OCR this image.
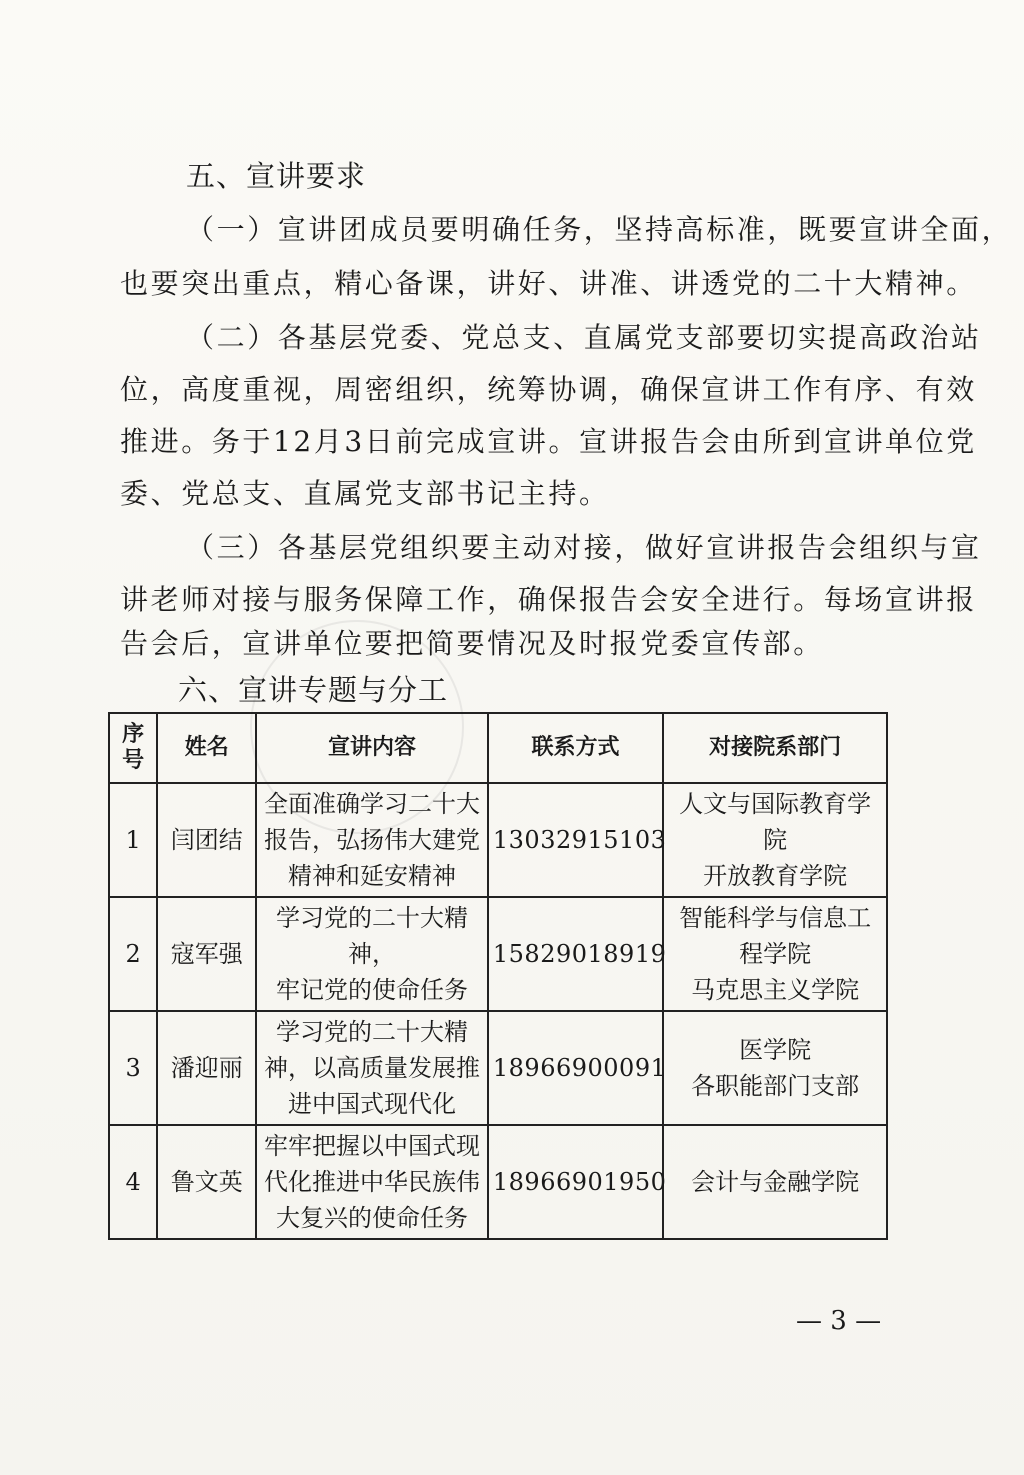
五、宣讲要求
（一）宣讲团成员要明确任务，坚持高标准，既要宣讲全面，
也要突出重点，精心备课，讲好、讲准、讲透党的二十大精神。
（二）各基层党委、党总支、直属党支部要切实提高政治站
位，高度重视，周密组织，统筹协调，确保宣讲工作有序、有效
推进。务于12月3日前完成宣讲。宣讲报告会由所到宣讲单位党
委、党总支、直属党支部书记主持。
（三）各基层党组织要主动对接，做好宣讲报告会组织与宣
讲老师对接与服务保障工作，确保报告会安全进行。每场宣讲报
告会后，宣讲单位要把简要情况及时报党委宣传部。
六、宣讲专题与分工
序号	姓名	宣讲内容	联系方式	对接院系部门
1	闫团结	全面准确学习二十大
报告，弘扬伟大建党
精神和延安精神	13032915103	人文与国际教育学院
开放教育学院
2	寇军强	学习党的二十大精神，
牢记党的使命任务	15829018919	智能科学与信息工
程学院
马克思主义学院
3	潘迎丽	学习党的二十大精
神，以高质量发展推
进中国式现代化	18966900091	医学院
各职能部门支部
4	鲁文英	牢牢把握以中国式现
代化推进中华民族伟
大复兴的使命任务	18966901950	会计与金融学院
— 3 —
